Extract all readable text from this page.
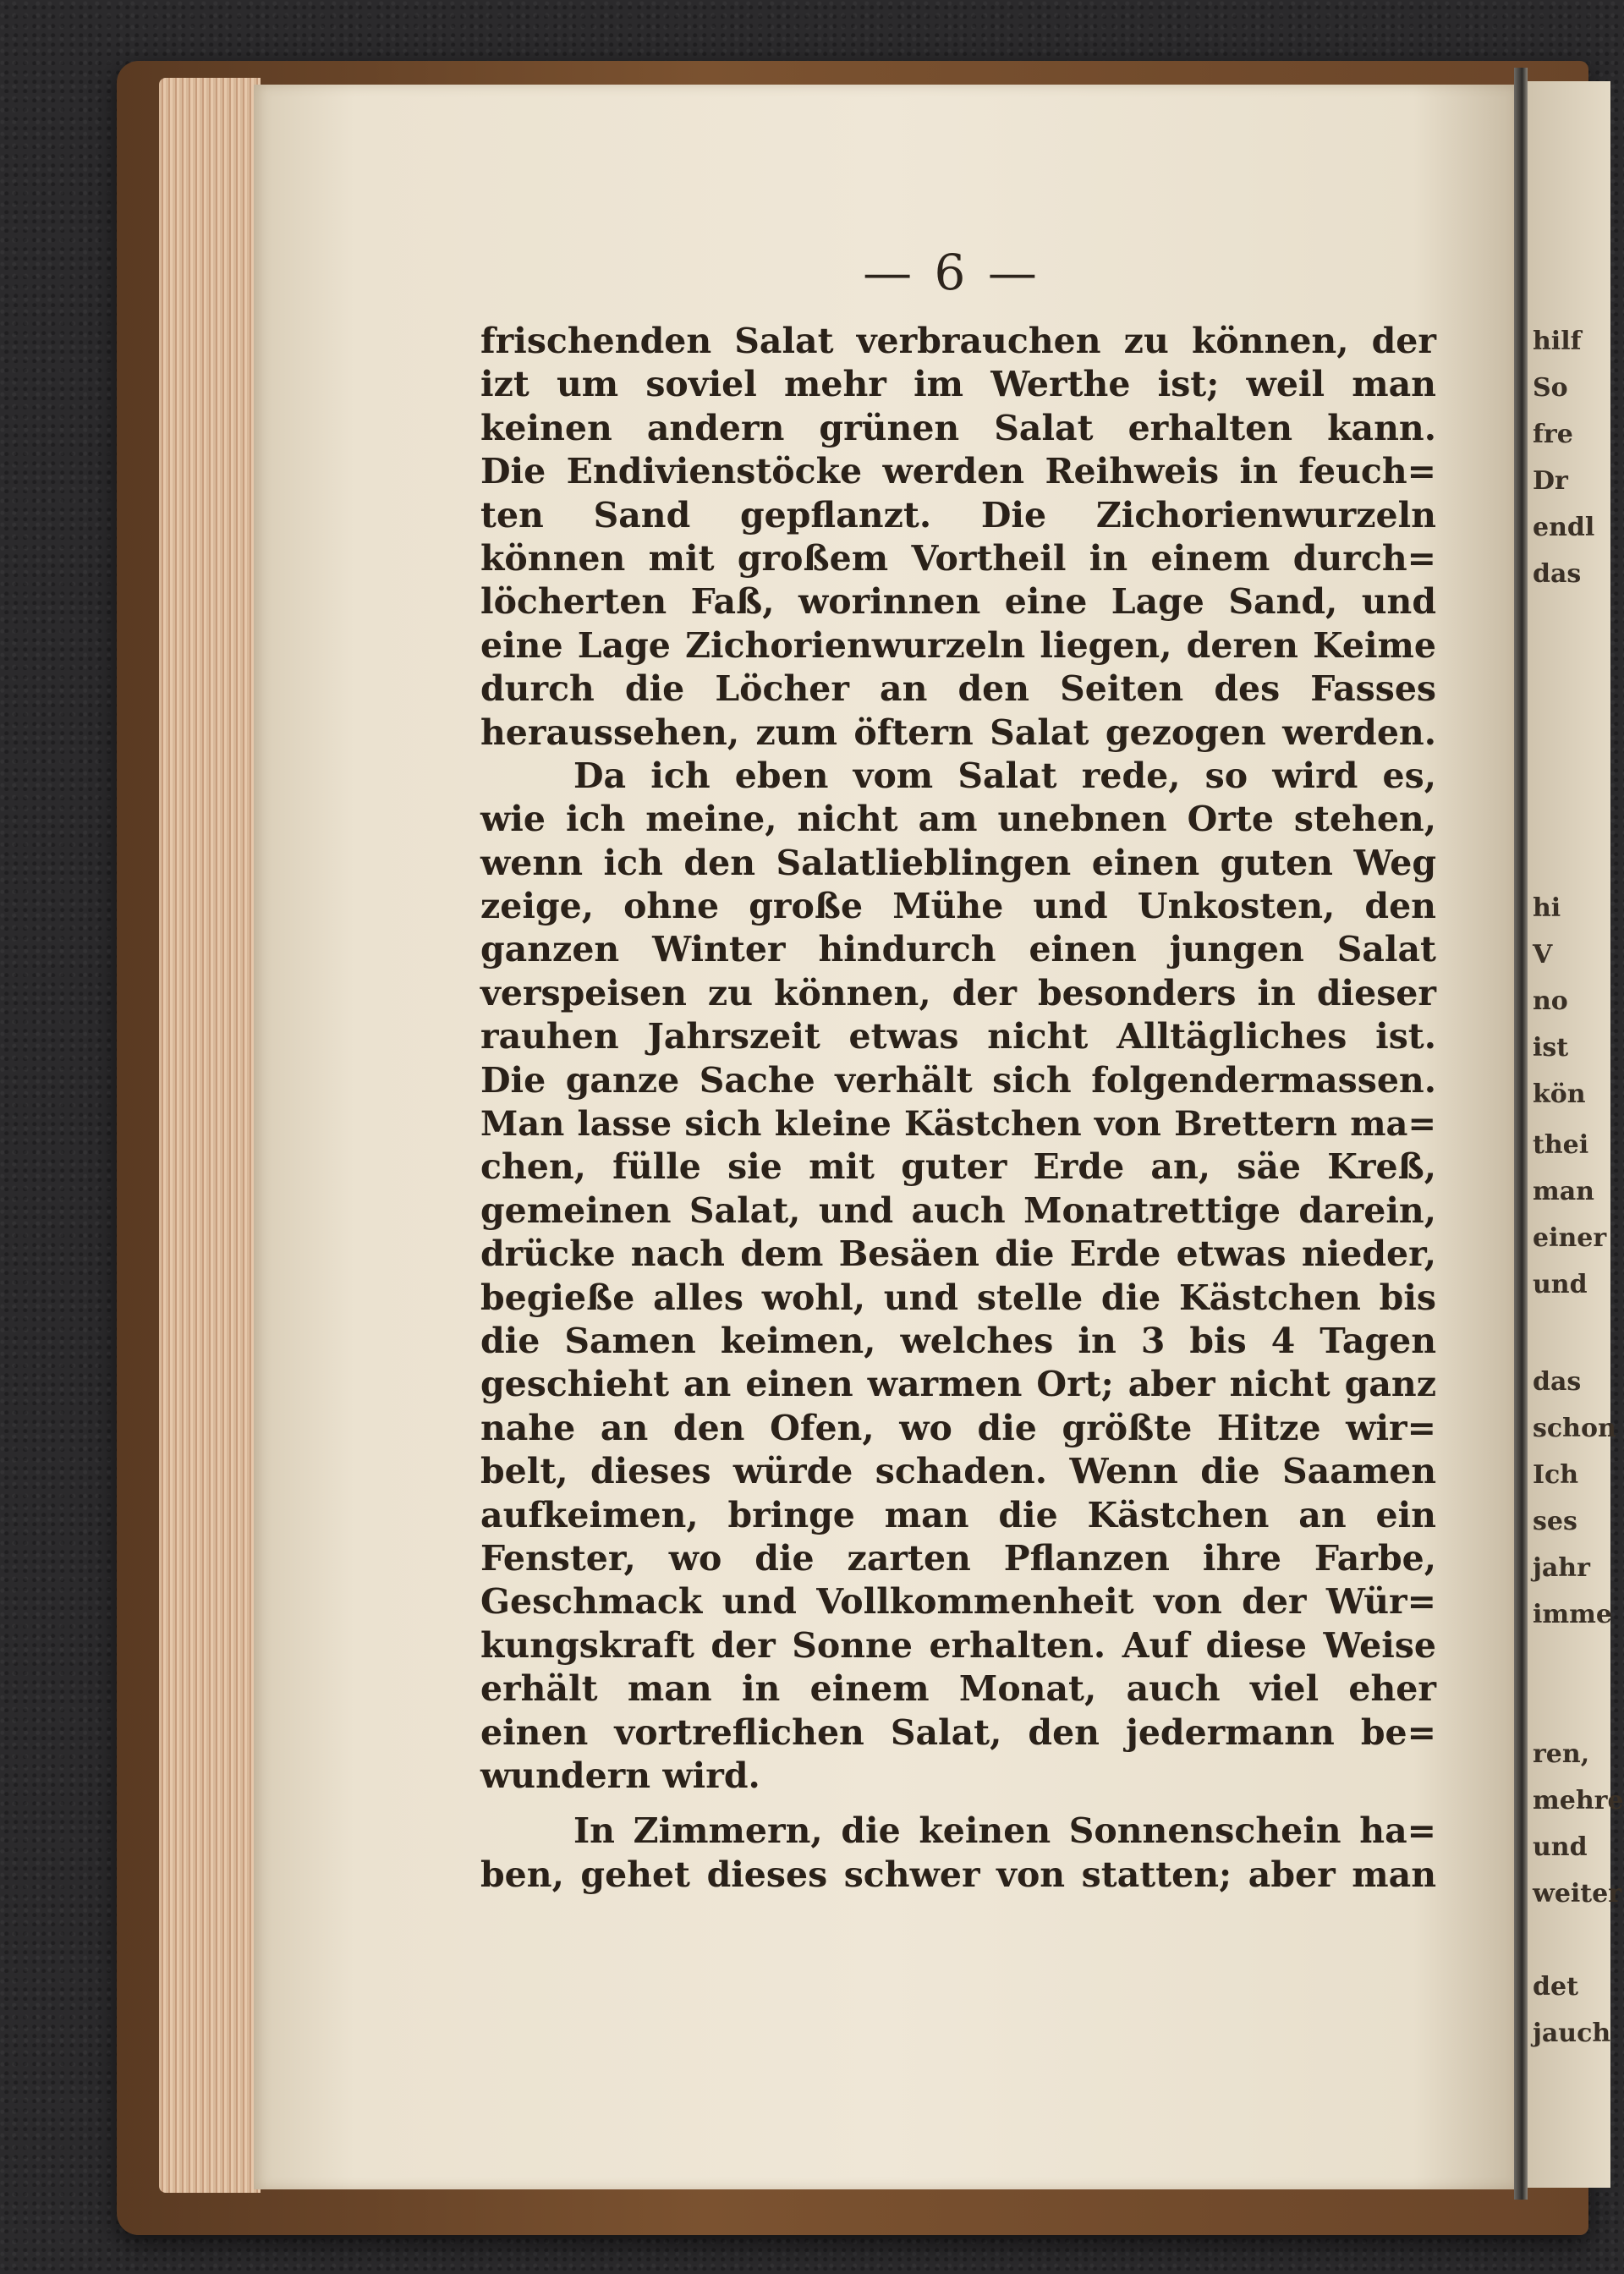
— 6 —
frischenden Salat verbrauchen zu können, der
izt um soviel mehr im Werthe ist; weil man
keinen andern grünen Salat erhalten kann.
Die Endivienstöcke werden Reihweis in feuch=
ten Sand gepflanzt. Die Zichorienwurzeln
können mit großem Vortheil in einem durch=
löcherten Faß, worinnen eine Lage Sand, und
eine Lage Zichorienwurzeln liegen, deren Keime
durch die Löcher an den Seiten des Fasses
heraussehen, zum öftern Salat gezogen werden.
Da ich eben vom Salat rede, so wird es,
wie ich meine, nicht am unebnen Orte stehen,
wenn ich den Salatlieblingen einen guten Weg
zeige, ohne große Mühe und Unkosten, den
ganzen Winter hindurch einen jungen Salat
verspeisen zu können, der besonders in dieser
rauhen Jahrszeit etwas nicht Alltägliches ist.
Die ganze Sache verhält sich folgendermassen.
Man lasse sich kleine Kästchen von Brettern ma=
chen, fülle sie mit guter Erde an, säe Kreß,
gemeinen Salat, und auch Monatrettige darein,
drücke nach dem Besäen die Erde etwas nieder,
begieße alles wohl, und stelle die Kästchen bis
die Samen keimen, welches in 3 bis 4 Tagen
geschieht an einen warmen Ort; aber nicht ganz
nahe an den Ofen, wo die größte Hitze wir=
belt, dieses würde schaden. Wenn die Saamen
aufkeimen, bringe man die Kästchen an ein
Fenster, wo die zarten Pflanzen ihre Farbe,
Geschmack und Vollkommenheit von der Wür=
kungskraft der Sonne erhalten. Auf diese Weise
erhält man in einem Monat, auch viel eher
einen vortreflichen Salat, den jedermann be=
wundern wird.
In Zimmern, die keinen Sonnenschein ha=
ben, gehet dieses schwer von statten; aber man
hilf
So
fre
Dr
endl
das
hi
V
no
ist
kön
thei
man
einer
und
das
schon
Ich
ses
jahr
imme
ren,
mehre
und
weiter
det
jauch
